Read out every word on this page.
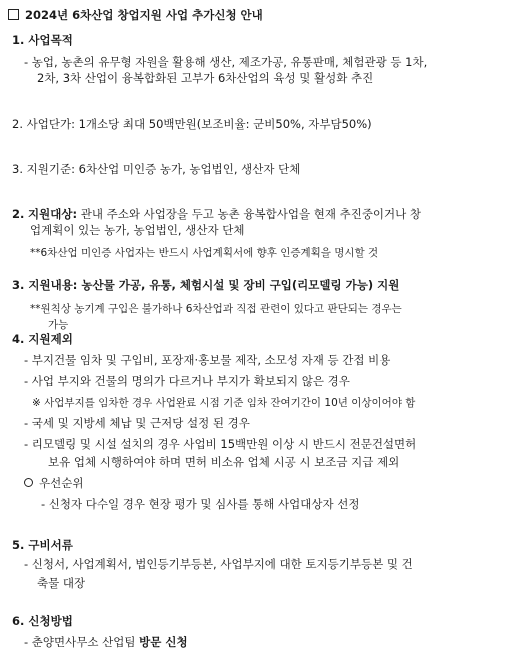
2024년 6차산업 창업지원 사업 추가신청 안내
1. 사업목적
- 농업, 농촌의 유무형 자원을 활용해 생산, 제조가공, 유통판매, 체험관광 등 1차,
2차, 3차 산업이 융복합화된 고부가 6차산업의 육성 및 활성화 추진
2. 사업단가: 1개소당 최대 50백만원(보조비율: 군비50%, 자부담50%)
3. 지원기준: 6차산업 미인증 농가, 농업법인, 생산자 단체
2. 지원대상: 관내 주소와 사업장을 두고 농촌 융복합사업을 현재 추진중이거나 창
업계획이 있는 농가, 농업법인, 생산자 단체
**6차산업 미인증 사업자는 반드시 사업계획서에 향후 인증계획을 명시할 것
3. 지원내용: 농산물 가공, 유통, 체험시설 및 장비 구입(리모델링 가능) 지원
**원칙상 농기계 구입은 불가하나 6차산업과 직접 관련이 있다고 판단되는 경우는
가능
4. 지원제외
- 부지건물 임차 및 구입비, 포장재·홍보물 제작, 소모성 자재 등 간접 비용
- 사업 부지와 건물의 명의가 다르거나 부지가 확보되지 않은 경우
※ 사업부지를 임차한 경우 사업완료 시점 기준 임차 잔여기간이 10년 이상이어야 함
- 국세 및 지방세 체납 및 근저당 설정 된 경우
- 리모델링 및 시설 설치의 경우 사업비 15백만원 이상 시 반드시 전문건설면허
보유 업체 시행하여야 하며 면허 비소유 업체 시공 시 보조금 지급 제외
우선순위
- 신청자 다수일 경우 현장 평가 및 심사를 통해 사업대상자 선정
5. 구비서류
- 신청서, 사업계획서, 법인등기부등본, 사업부지에 대한 토지등기부등본 및 건
축물 대장
6. 신청방법
- 춘양면사무소 산업팀 방문 신청
